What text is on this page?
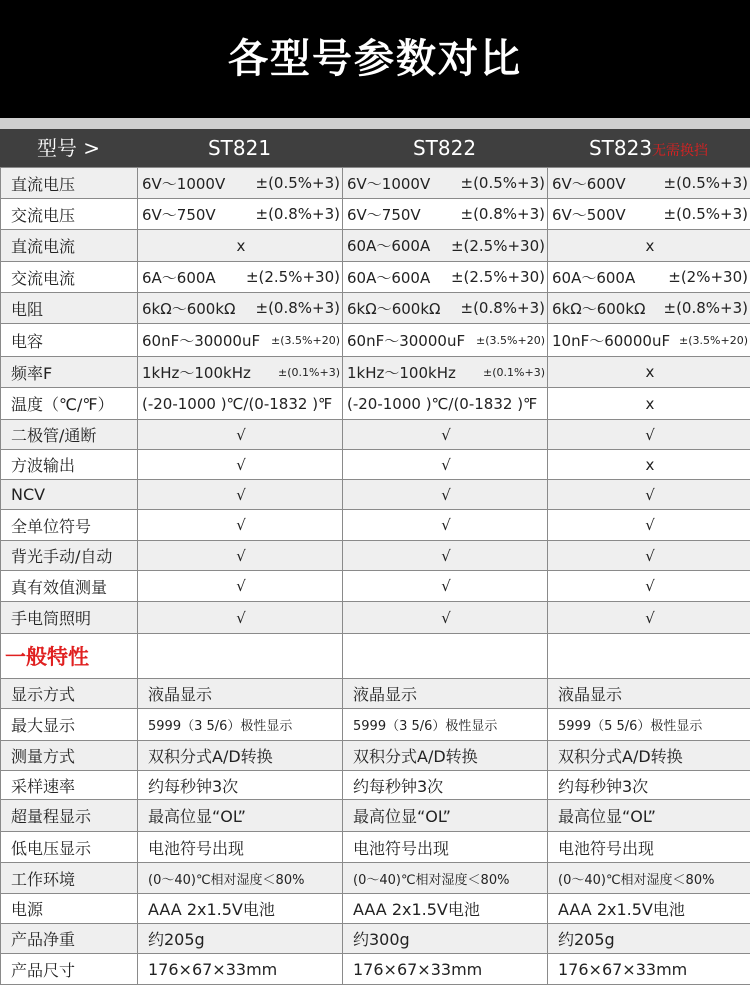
各型号参数对比
型号 >	ST821	ST822	ST823无需换挡
直流电压	6V～1000V ±(0.5%+3)	6V～1000V ±(0.5%+3)	6V～600V ±(0.5%+3)

交流电压	6V～750V ±(0.8%+3)	6V～750V ±(0.8%+3)	6V～500V ±(0.5%+3)

直流电流	x	60A～600A ±(2.5%+30)	x
交流电流	6A～600A ±(2.5%+30)	60A～600A ±(2.5%+30)	60A～600A ±(2%+30)

电阻	6kΩ～600kΩ ±(0.8%+3)	6kΩ～600kΩ ±(0.8%+3)	6kΩ～600kΩ ±(0.8%+3)

电容	60nF～30000uF ±(3.5%+20)	60nF～30000uF ±(3.5%+20)	10nF～60000uF ±(3.5%+20)

频率F	1kHz～100kHz ±(0.1%+3)	1kHz～100kHz ±(0.1%+3)	x
温度（℃/℉）	(-20-1000 )℃/(0-1832 )℉	(-20-1000 )℃/(0-1832 )℉	x
二极管/通断	√	√	√
方波输出	√	√	x
NCV	√	√	√
全单位符号	√	√	√
背光手动/自动	√	√	√
真有效值测量	√	√	√
手电筒照明	√	√	√
一般特性			
显示方式	液晶显示	液晶显示	液晶显示
最大显示	5999（3 5/6）极性显示	5999（3 5/6）极性显示	5999（5 5/6）极性显示
测量方式	双积分式A/D转换	双积分式A/D转换	双积分式A/D转换
采样速率	约每秒钟3次	约每秒钟3次	约每秒钟3次
超量程显示	最高位显“OL”	最高位显“OL”	最高位显“OL”
低电压显示	电池符号出现	电池符号出现	电池符号出现
工作环境	(0～40)℃相对湿度＜80%	(0～40)℃相对湿度＜80%	(0～40)℃相对湿度＜80%
电源	AAA 2x1.5V电池	AAA 2x1.5V电池	AAA 2x1.5V电池
产品净重	约205g	约300g	约205g
产品尺寸	176×67×33mm	176×67×33mm	176×67×33mm
